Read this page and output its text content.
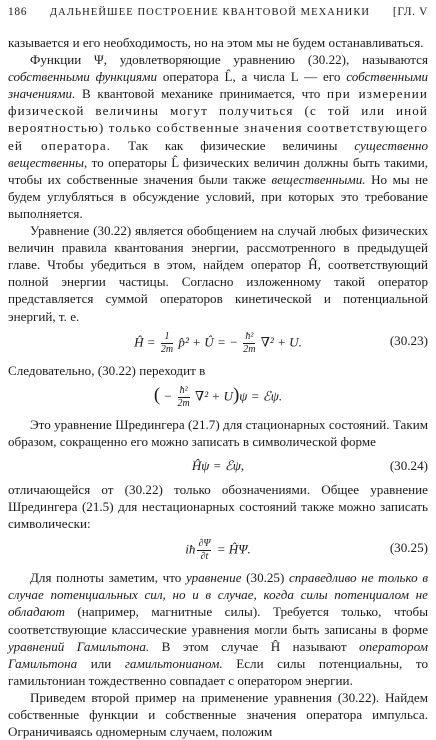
186 ДАЛЬНЕЙШЕЕ ПОСТРОЕНИЕ КВАНТОВОЙ МЕХАНИКИ [ГЛ. V

казывается и его необходимость, но на этом мы не будем останавливаться.

Функции Ψ, удовлетворяющие уравнению (30.22), называются собственными функциями оператора L̂, а числа L — его собственными значениями. В квантовой механике принимается, что при измерении физической величины могут получиться (с той или иной вероятностью) только собственные значения соответствующего ей оператора. Так как физические величины существенно вещественны, то операторы L̂ физических величин должны быть такими, чтобы их собственные значения были также вещественными. Но мы не будем углубляться в обсуждение условий, при которых это требование выполняется.

Уравнение (30.22) является обобщением на случай любых физических величин правила квантования энергии, рассмотренного в предыдущей главе. Чтобы убедиться в этом, найдем оператор Ĥ, соответствующий полной энергии частицы. Согласно изложенному такой оператор представляется суммой операторов кинетической и потенциальной энергий, т. е.

Ĥ = $\frac{1}{2m}$ p̂² + Û = − $\frac{\text{ħ²}}{2m} \nabla^2 + U$.	(30.23)

Следовательно, (30.22) переходит в

( − $\frac{\text{ħ²}}{2m} \nabla^2 + U)\psi$ = ℰψ.

Это уравнение Шредингера (21.7) для стационарных состояний. Таким образом, сокращенно его можно записать в символической форме

Ĥψ = ℰψ,	(30.24)

отличающейся от (30.22) только обозначениями. Общее уравнение Шредингера (21.5) для нестационарных состояний также можно записать символически:

iħ $\frac{\partial\Psi}{\partial t}$ = ĤΨ.	(30.25)

Для полноты заметим, что уравнение (30.25) справедливо не только в случае потенциальных сил, но и в случае, когда силы потенциалом не обладают (например, магнитные силы). Требуется только, чтобы соответствующие классические уравнения могли быть записаны в форме уравнений Гамильтона. В этом случае Ĥ называют оператором Гамильтона или гамильтонианом. Если силы потенциальны, то гамильтониан тождественно совпадает с оператором энергии.

Приведем второй пример на применение уравнения (30.22). Найдем собственные функции и собственные значения оператора импульса. Ограничиваясь одномерным случаем, положим
